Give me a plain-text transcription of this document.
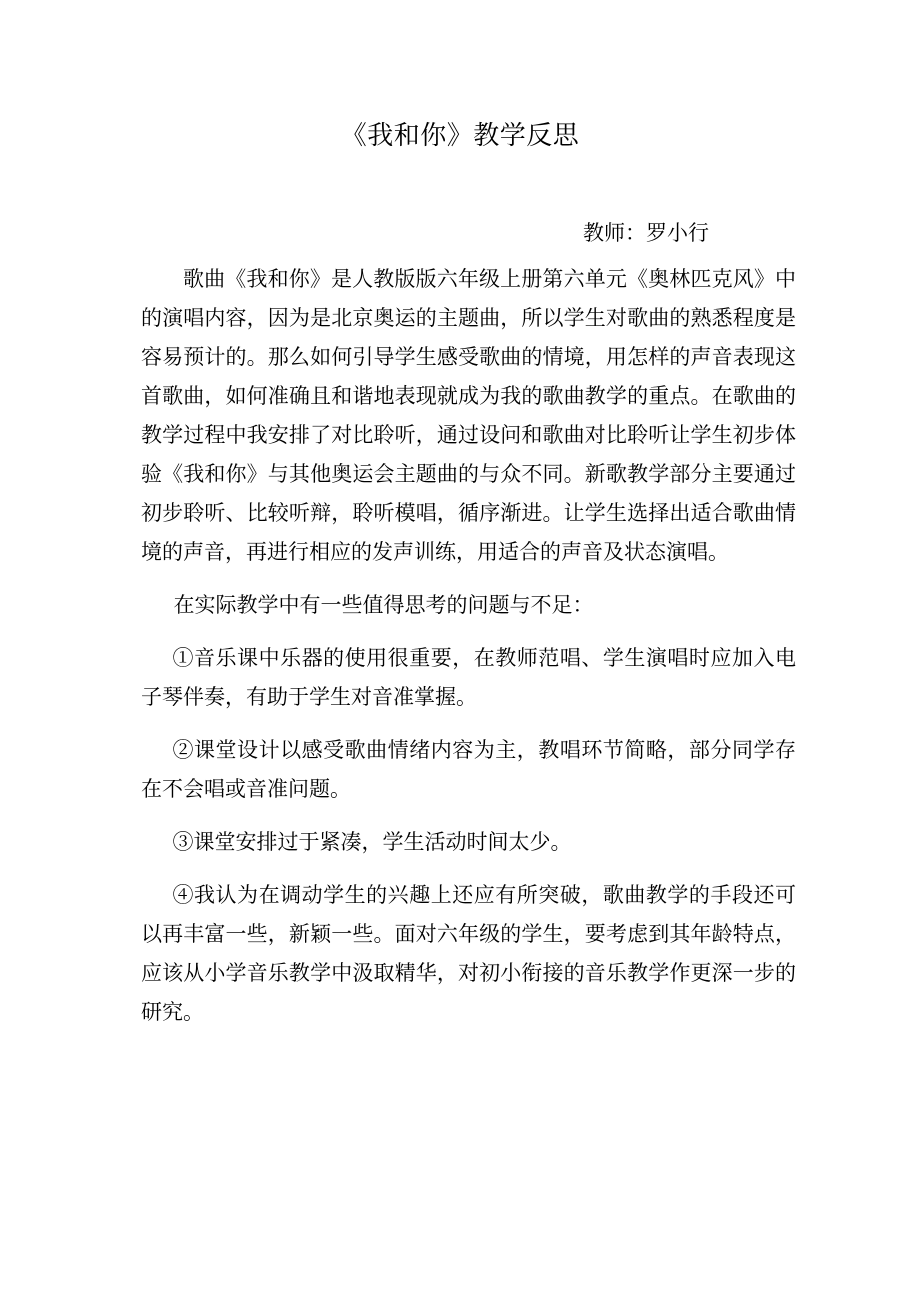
《我和你》教学反思
教师：罗小行

歌曲《我和你》是人教版版六年级上册第六单元《奥林匹克风》中的演唱内容，因为是北京奥运的主题曲，所以学生对歌曲的熟悉程度是容易预计的。那么如何引导学生感受歌曲的情境，用怎样的声音表现这首歌曲，如何准确且和谐地表现就成为我的歌曲教学的重点。在歌曲的教学过程中我安排了对比聆听，通过设问和歌曲对比聆听让学生初步体验《我和你》与其他奥运会主题曲的与众不同。新歌教学部分主要通过初步聆听、比较听辩，聆听模唱，循序渐进。让学生选择出适合歌曲情境的声音，再进行相应的发声训练，用适合的声音及状态演唱。

在实际教学中有一些值得思考的问题与不足：

①音乐课中乐器的使用很重要，在教师范唱、学生演唱时应加入电子琴伴奏，有助于学生对音准掌握。

②课堂设计以感受歌曲情绪内容为主，教唱环节简略，部分同学存在不会唱或音准问题。

③课堂安排过于紧凑，学生活动时间太少。

④我认为在调动学生的兴趣上还应有所突破，歌曲教学的手段还可以再丰富一些，新颖一些。面对六年级的学生，要考虑到其年龄特点，应该从小学音乐教学中汲取精华，对初小衔接的音乐教学作更深一步的研究。
